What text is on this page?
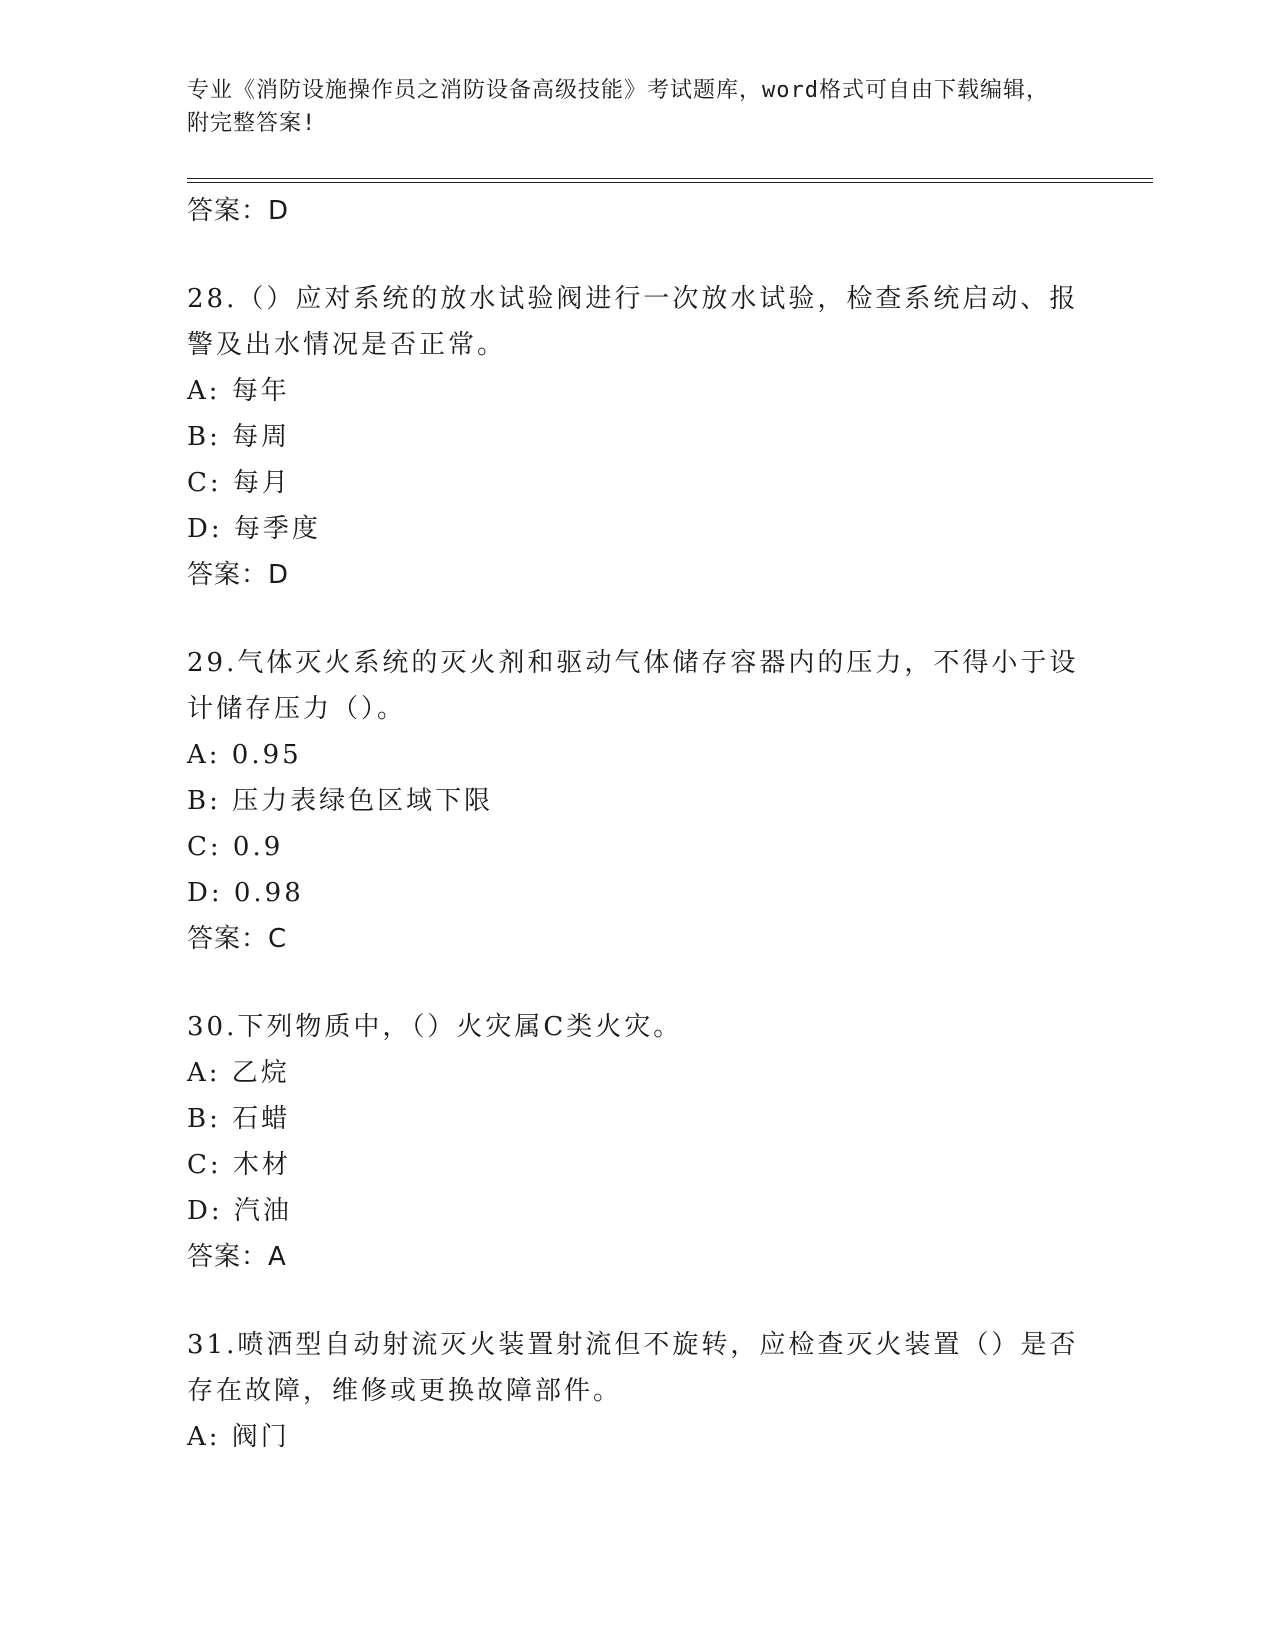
专业《消防设施操作员之消防设备高级技能》考试题库，word格式可自由下载编辑，附完整答案!
答案：D
28.（）应对系统的放水试验阀进行一次放水试验，检查系统启动、报警及出水情况是否正常。
A: 每年
B: 每周
C: 每月
D: 每季度
答案：D
29.气体灭火系统的灭火剂和驱动气体储存容器内的压力，不得小于设计储存压力（）。
A: 0.95
B: 压力表绿色区域下限
C: 0.9
D: 0.98
答案：C
30.下列物质中，（）火灾属C类火灾。
A: 乙烷
B: 石蜡
C: 木材
D: 汽油
答案：A
31.喷洒型自动射流灭火装置射流但不旋转，应检查灭火装置（）是否存在故障，维修或更换故障部件。
A: 阀门
